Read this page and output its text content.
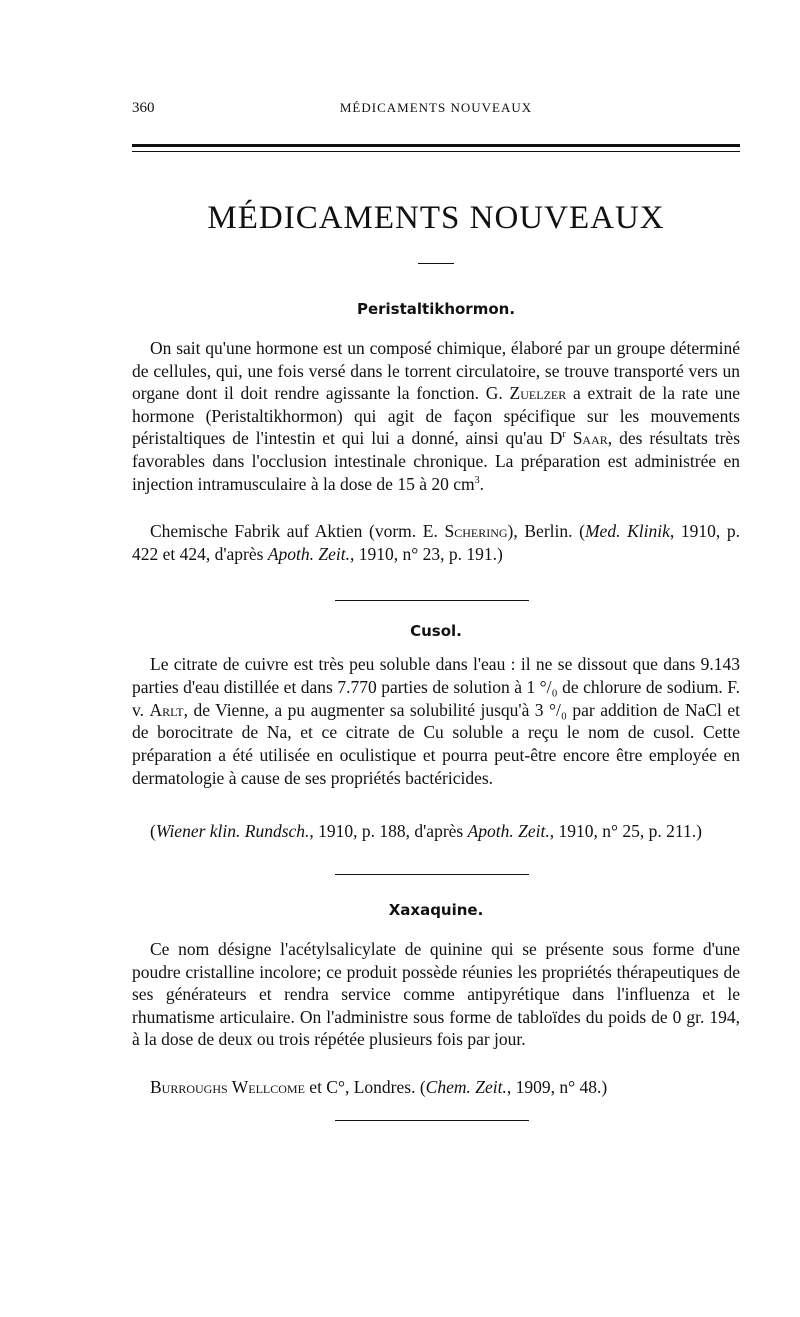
360	MÉDICAMENTS NOUVEAUX
MÉDICAMENTS NOUVEAUX
Peristaltikhormon.

On sait qu'une hormone est un composé chimique, élaboré par un groupe déterminé de cellules, qui, une fois versé dans le torrent circulatoire, se trouve transporté vers un organe dont il doit rendre agissante la fonction. G. Zuelzer a extrait de la rate une hormone (Peristaltikhormon) qui agit de façon spécifique sur les mouvements péristaltiques de l'intestin et qui lui a donné, ainsi qu'au $D^r$ Saar, des résultats très favorables dans l'occlusion intestinale chronique. La préparation est administrée en injection intramusculaire à la dose de 15 à 20 $cm^3$.

Chemische Fabrik auf Aktien (vorm. E. Schering), Berlin. (Med. Klinik, 1910, p. 422 et 424, d'après Apoth. Zeit., 1910, n° 23, p. 191.)

Cusol.

Le citrate de cuivre est très peu soluble dans l'eau : il ne se dissout que dans 9.143 parties d'eau distillée et dans 7.770 parties de solution à 1 °/₀ de chlorure de sodium. F. v. Arlt, de Vienne, a pu augmenter sa solubilité jusqu'à 3 °/₀ par addition de NaCl et de borocitrate de Na, et ce citrate de Cu soluble a reçu le nom de cusol. Cette préparation a été utilisée en oculistique et pourra peut-être encore être employée en dermatologie à cause de ses propriétés bactéricides.

(Wiener klin. Rundsch., 1910, p. 188, d'après Apoth. Zeit., 1910, n° 25, p. 211.)

Xaxaquine.

Ce nom désigne l'acétylsalicylate de quinine qui se présente sous forme d'une poudre cristalline incolore; ce produit possède réunies les propriétés thérapeutiques de ses générateurs et rendra service comme antipyrétique dans l'influenza et le rhumatisme articulaire. On l'administre sous forme de tabloïdes du poids de 0 gr. 194, à la dose de deux ou trois répétée plusieurs fois par jour.

Burroughs Wellcome et C°, Londres. (Chem. Zeit., 1909, n° 48.)
